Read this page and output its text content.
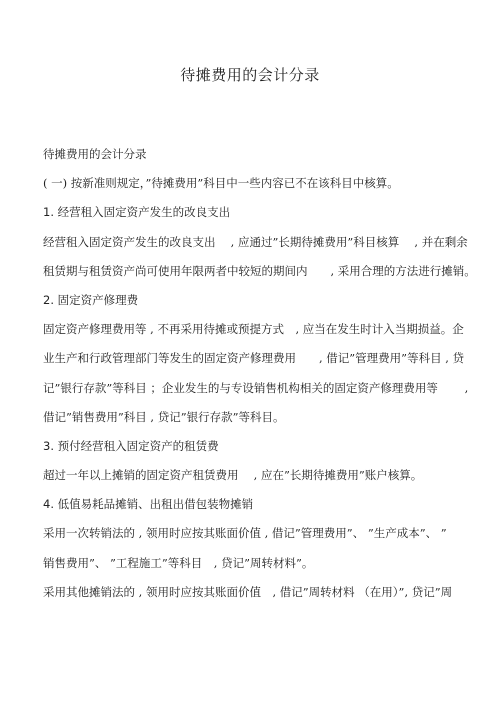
待摊费用的会计分录
待摊费用的会计分录
( 一) 按新准则规定，”待摊费用”科目中一些内容已不在该科目中核算。
1. 经营租入固定资产发生的改良支出
经营租入固定资产发生的改良支出　 , 应通过”长期待摊费用”科目核算　 , 并在剩余
租赁期与租赁资产尚可使用年限两者中较短的期间内　　, 采用合理的方法进行摊销。
2. 固定资产修理费
固定资产修理费用等 , 不再采用待摊或预提方式　, 应当在发生时计入当期损益。企
业生产和行政管理部门等发生的固定资产修理费用　　, 借记”管理费用”等科目 , 贷
记”银行存款”等科目 ；企业发生的与专设销售机构相关的固定资产修理费用等　　 ,
借记”销售费用”科目 , 贷记”银行存款”等科目。
3. 预付经营租入固定资产的租赁费
超过一年以上摊销的固定资产租赁费用　 , 应在”长期待摊费用”账户核算。
4. 低值易耗品摊销、出租出借包装物摊销
采用一次转销法的 , 领用时应按其账面价值 , 借记”管理费用”、 ”生产成本”、 ”
销售费用”、 ”工程施工”等科目　, 贷记”周转材料”。
采用其他摊销法的 , 领用时应按其账面价值　, 借记”周转材料 （在用）”, 贷记”周
